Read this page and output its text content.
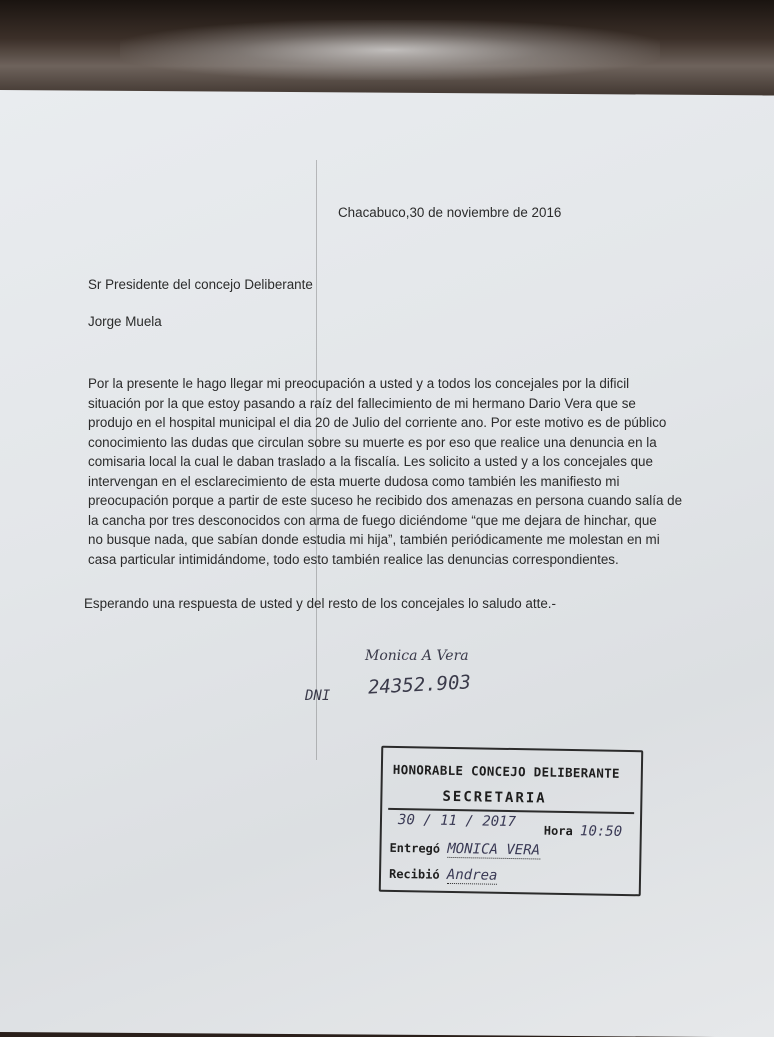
Chacabuco,30 de noviembre de 2016
Sr Presidente del concejo Deliberante
Jorge Muela
Por la presente le hago llegar mi preocupación a usted y a todos los concejales por la dificil
situación por la que estoy pasando a raíz del fallecimiento de mi hermano Dario Vera que se
produjo en el hospital municipal el dia 20 de Julio del corriente ano. Por este motivo es de público
conocimiento las dudas que circulan sobre su muerte es por eso que realice una denuncia en la
comisaria local la cual le daban traslado a la fiscalía. Les solicito a usted y a los concejales que
intervengan en el esclarecimiento de esta muerte dudosa como también les manifiesto mi
preocupación porque a partir de este suceso he recibido dos amenazas en persona cuando salía de
la cancha por tres desconocidos con arma de fuego diciéndome “que me dejara de hinchar, que
no busque nada, que sabían donde estudia mi hija”, también periódicamente me molestan en mi
casa particular intimidándome, todo esto también realice las denuncias correspondientes.
Esperando una respuesta de usted y del resto de los concejales lo saludo atte.-
Monica A Vera
DNI 24352.903
HONORABLE CONCEJO DELIBERANTE
SECRETARIA
30 / 11 / 2017
Hora 10:50
Entregó MONICA VERA
Recibió Andrea
